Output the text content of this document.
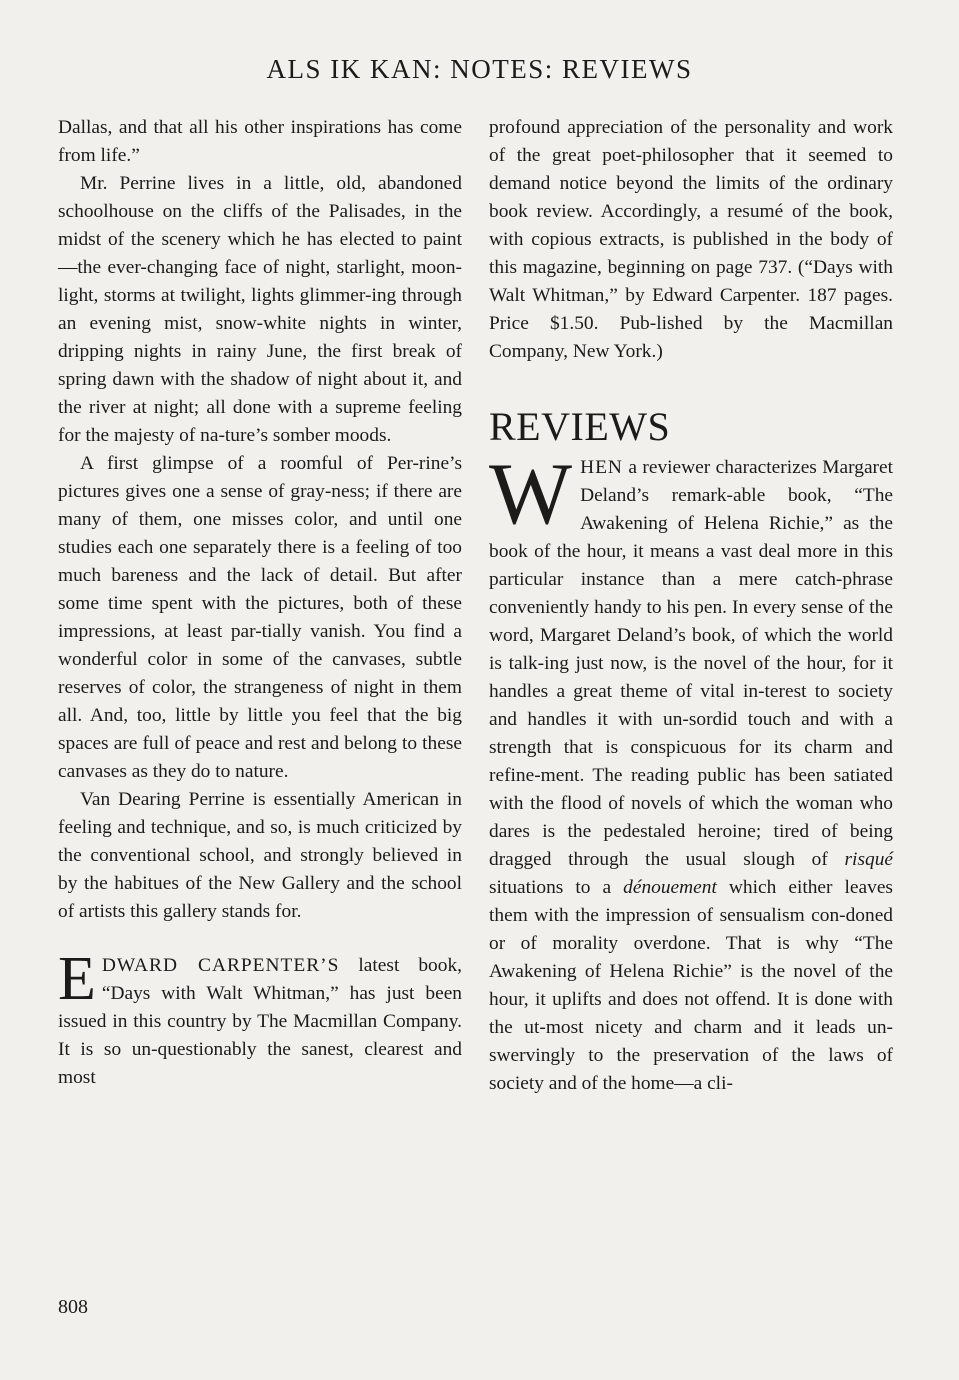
ALS IK KAN: NOTES: REVIEWS

Dallas, and that all his other inspirations has come from life.”

Mr. Perrine lives in a little, old, abandoned schoolhouse on the cliffs of the Palisades, in the midst of the scenery which he has elected to paint—the ever-changing face of night, starlight, moon-light, storms at twilight, lights glimmer-ing through an evening mist, snow-white nights in winter, dripping nights in rainy June, the first break of spring dawn with the shadow of night about it, and the river at night; all done with a supreme feeling for the majesty of na-ture’s somber moods.

A first glimpse of a roomful of Per-rine’s pictures gives one a sense of gray-ness; if there are many of them, one misses color, and until one studies each one separately there is a feeling of too much bareness and the lack of detail. But after some time spent with the pictures, both of these impressions, at least par-tially vanish. You find a wonderful color in some of the canvases, subtle reserves of color, the strangeness of night in them all. And, too, little by little you feel that the big spaces are full of peace and rest and belong to these canvases as they do to nature.

Van Dearing Perrine is essentially American in feeling and technique, and so, is much criticized by the conventional school, and strongly believed in by the habitues of the New Gallery and the school of artists this gallery stands for.

EDWARD CARPENTER’S latest book, “Days with Walt Whitman,” has just been issued in this country by The Macmillan Company. It is so un-questionably the sanest, clearest and most

profound appreciation of the personality and work of the great poet-philosopher that it seemed to demand notice beyond the limits of the ordinary book review. Accordingly, a resumé of the book, with copious extracts, is published in the body of this magazine, beginning on page 737. (“Days with Walt Whitman,” by Edward Carpenter. 187 pages. Price $1.50. Pub-lished by the Macmillan Company, New York.)

REVIEWS

WHEN a reviewer characterizes Margaret Deland’s remark-able book, “The Awakening of Helena Richie,” as the book of the hour, it means a vast deal more in this particular instance than a mere catch-phrase conveniently handy to his pen. In every sense of the word, Margaret Deland’s book, of which the world is talk-ing just now, is the novel of the hour, for it handles a great theme of vital in-terest to society and handles it with un-sordid touch and with a strength that is conspicuous for its charm and refine-ment. The reading public has been satiated with the flood of novels of which the woman who dares is the pedestaled heroine; tired of being dragged through the usual slough of risqué situations to a dénouement which either leaves them with the impression of sensualism con-doned or of morality overdone. That is why “The Awakening of Helena Richie” is the novel of the hour, it uplifts and does not offend. It is done with the ut-most nicety and charm and it leads un-swervingly to the preservation of the laws of society and of the home—a cli-

808
